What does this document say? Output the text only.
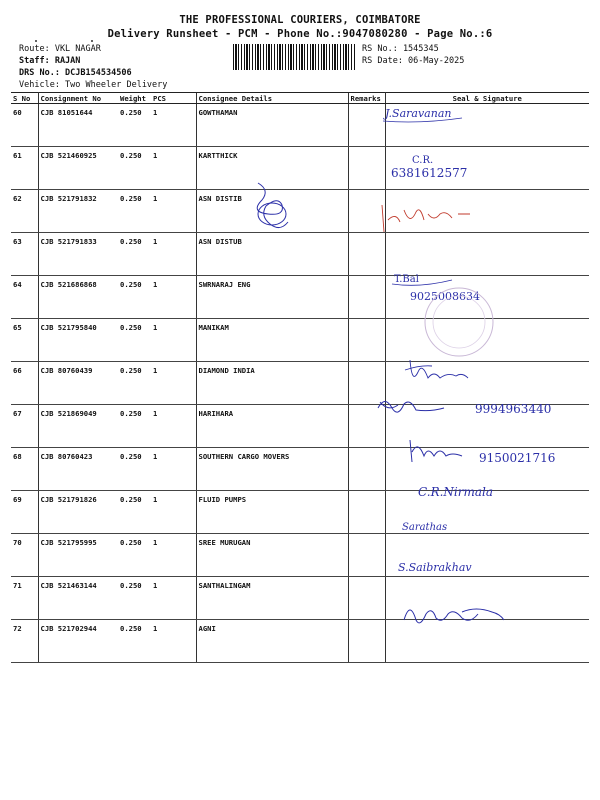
THE PROFESSIONAL COURIERS, COIMBATORE
Delivery Runsheet - PCM - Phone No.:9047080280 - Page No.:6
Route: VKL NAGAR
Staff: RAJAN
DRS No.: DCJB154534506
Vehicle: Two Wheeler Delivery
RS No.: 1545345
RS Date: 06-May-2025
S No	Consignment No	Weight	PCS	Consignee Details	Remarks	Seal & Signature
60	CJB 81051644	0.250	1	GOWTHAMAN		
61	CJB 521460925	0.250	1	KARTTHICK		
62	CJB 521791832	0.250	1	ASN DISTIB		
63	CJB 521791833	0.250	1	ASN DISTUB		
64	CJB 521686868	0.250	1	SWRNARAJ ENG		
65	CJB 521795840	0.250	1	MANIKAM		
66	CJB 80760439	0.250	1	DIAMOND INDIA		
67	CJB 521869049	0.250	1	HARIHARA		
68	CJB 80760423	0.250	1	SOUTHERN CARGO MOVERS		
69	CJB 521791826	0.250	1	FLUID PUMPS		
70	CJB 521795995	0.250	1	SREE MURUGAN		
71	CJB 521463144	0.250	1	SANTHALINGAM		
72	CJB 521702944	0.250	1	AGNI		
J.Saravanan
C.R.
6381612577
T.Bal
9025008634
9994963440
9150021716
C.R.Nirmala
Sarathas
S.Saibrakhav
